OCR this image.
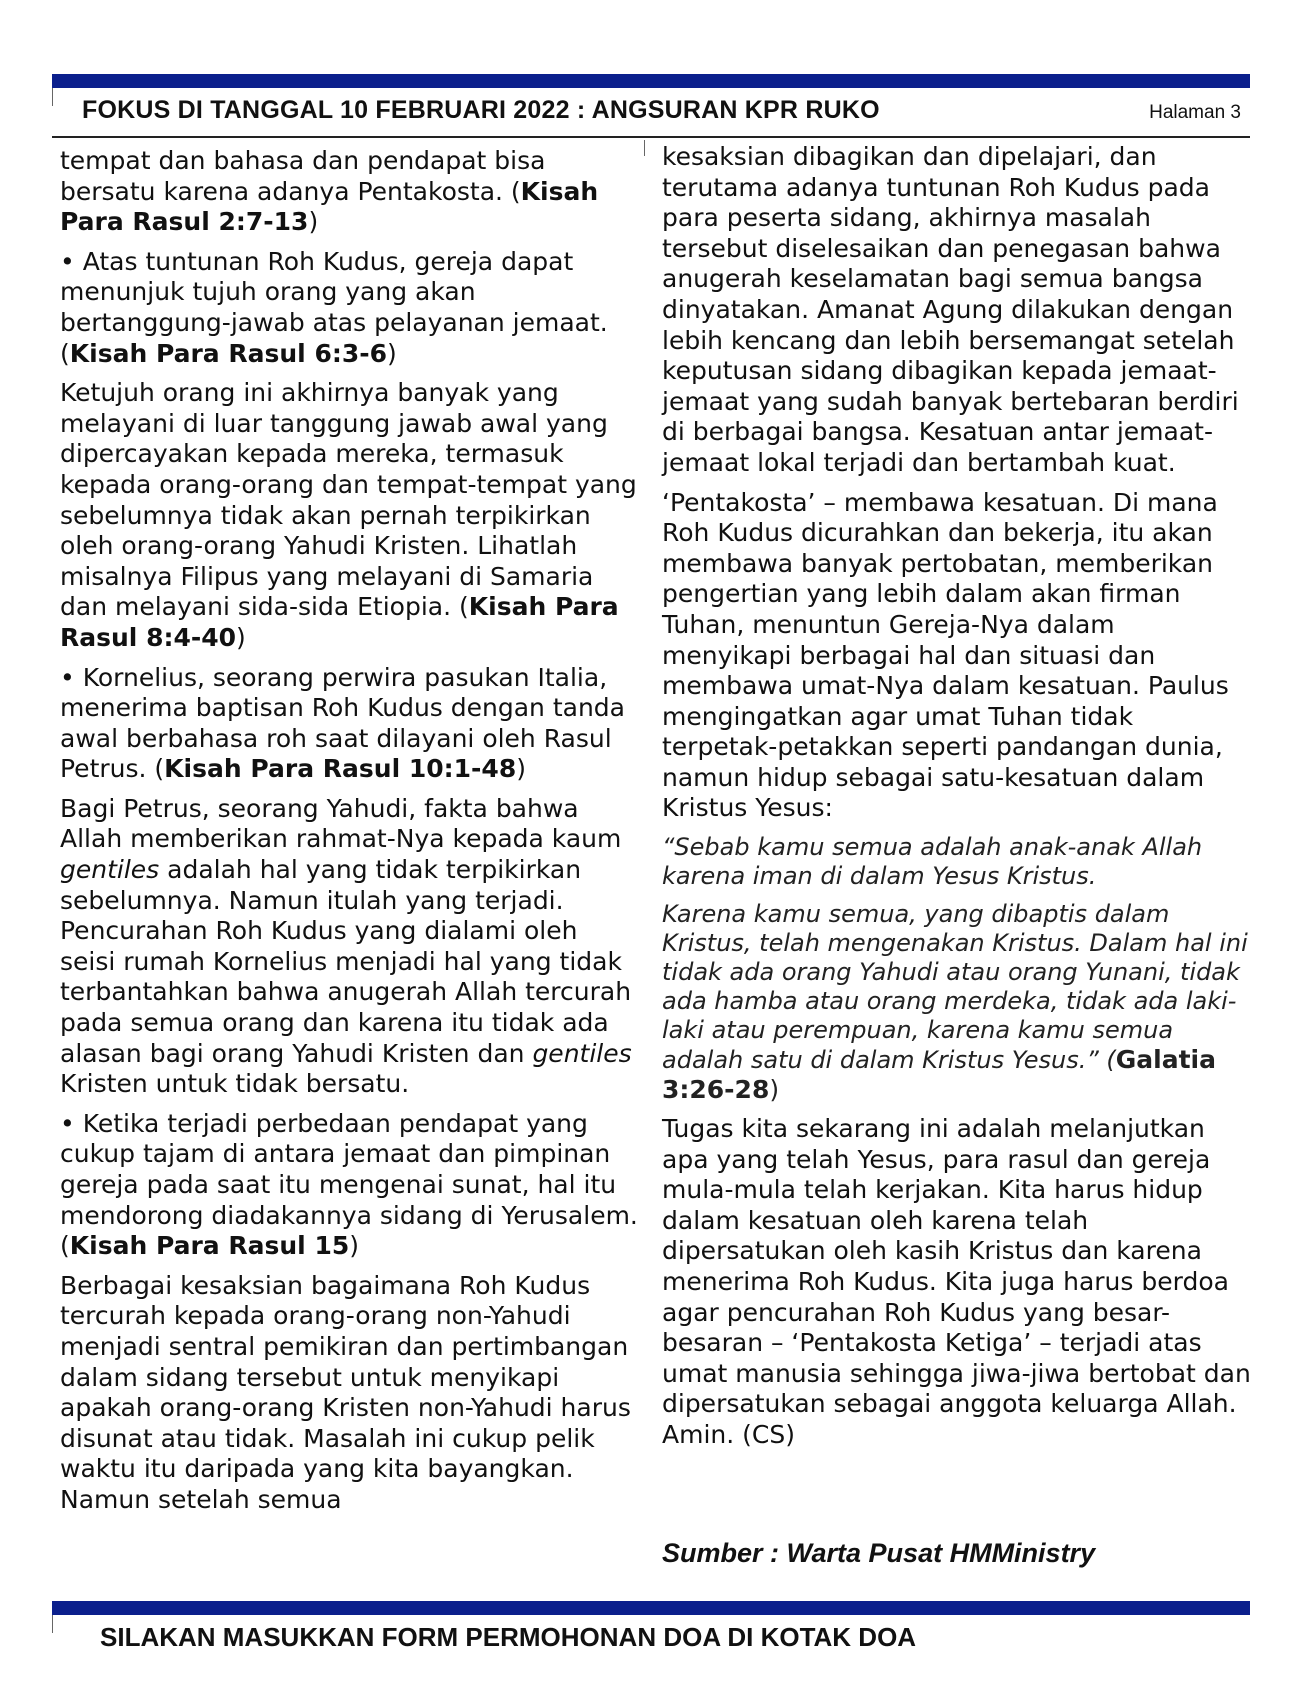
FOKUS DI TANGGAL 10 FEBRUARI 2022 : ANGSURAN KPR RUKO	Halaman 3

tempat dan bahasa dan pendapat bisa bersatu karena adanya Pentakosta. (Kisah Para Rasul 2:7-13)

• Atas tuntunan Roh Kudus, gereja dapat menunjuk tujuh orang yang akan bertanggung-jawab atas pelayanan jemaat. (Kisah Para Rasul 6:3-6)

Ketujuh orang ini akhirnya banyak yang melayani di luar tanggung jawab awal yang dipercayakan kepada mereka, termasuk kepada orang-orang dan tempat-tempat yang sebelumnya tidak akan pernah terpikirkan oleh orang-orang Yahudi Kristen. Lihatlah misalnya Filipus yang melayani di Samaria dan melayani sida-sida Etiopia. (Kisah Para Rasul 8:4-40)

• Kornelius, seorang perwira pasukan Italia, menerima baptisan Roh Kudus dengan tanda awal berbahasa roh saat dilayani oleh Rasul Petrus. (Kisah Para Rasul 10:1-48)

Bagi Petrus, seorang Yahudi, fakta bahwa Allah memberikan rahmat-Nya kepada kaum gentiles adalah hal yang tidak terpikirkan sebelumnya. Namun itulah yang terjadi. Pencurahan Roh Kudus yang dialami oleh seisi rumah Kornelius menjadi hal yang tidak terbantahkan bahwa anugerah Allah tercurah pada semua orang dan karena itu tidak ada alasan bagi orang Yahudi Kristen dan gentiles Kristen untuk tidak bersatu.

• Ketika terjadi perbedaan pendapat yang cukup tajam di antara jemaat dan pimpinan gereja pada saat itu mengenai sunat, hal itu mendorong diadakannya sidang di Yerusalem. (Kisah Para Rasul 15)

Berbagai kesaksian bagaimana Roh Kudus tercurah kepada orang-orang non-Yahudi menjadi sentral pemikiran dan pertimbangan dalam sidang tersebut untuk menyikapi apakah orang-orang Kristen non-Yahudi harus disunat atau tidak. Masalah ini cukup pelik waktu itu daripada yang kita bayangkan. Namun setelah semua

kesaksian dibagikan dan dipelajari, dan terutama adanya tuntunan Roh Kudus pada para peserta sidang, akhirnya masalah tersebut diselesaikan dan penegasan bahwa anugerah keselamatan bagi semua bangsa dinyatakan. Amanat Agung dilakukan dengan lebih kencang dan lebih bersemangat setelah keputusan sidang dibagikan kepada jemaat-jemaat yang sudah banyak bertebaran berdiri di berbagai bangsa. Kesatuan antar jemaat-jemaat lokal terjadi dan bertambah kuat.

‘Pentakosta’ – membawa kesatuan. Di mana Roh Kudus dicurahkan dan bekerja, itu akan membawa banyak pertobatan, memberikan pengertian yang lebih dalam akan firman Tuhan, menuntun Gereja-Nya dalam menyikapi berbagai hal dan situasi dan membawa umat-Nya dalam kesatuan. Paulus mengingatkan agar umat Tuhan tidak terpetak-petakkan seperti pandangan dunia, namun hidup sebagai satu-kesatuan dalam Kristus Yesus:

“Sebab kamu semua adalah anak-anak Allah karena iman di dalam Yesus Kristus.

Karena kamu semua, yang dibaptis dalam Kristus, telah mengenakan Kristus. Dalam hal ini tidak ada orang Yahudi atau orang Yunani, tidak ada hamba atau orang merdeka, tidak ada laki-laki atau perempuan, karena kamu semua adalah satu di dalam Kristus Yesus.” (Galatia 3:26-28)

Tugas kita sekarang ini adalah melanjutkan apa yang telah Yesus, para rasul dan gereja mula-mula telah kerjakan. Kita harus hidup dalam kesatuan oleh karena telah dipersatukan oleh kasih Kristus dan karena menerima Roh Kudus. Kita juga harus berdoa agar pencurahan Roh Kudus yang besar-besaran – ‘Pentakosta Ketiga’ – terjadi atas umat manusia sehingga jiwa-jiwa bertobat dan dipersatukan sebagai anggota keluarga Allah. Amin. (CS)

Sumber : Warta Pusat HMMinistry
SILAKAN MASUKKAN FORM PERMOHONAN DOA DI KOTAK DOA
